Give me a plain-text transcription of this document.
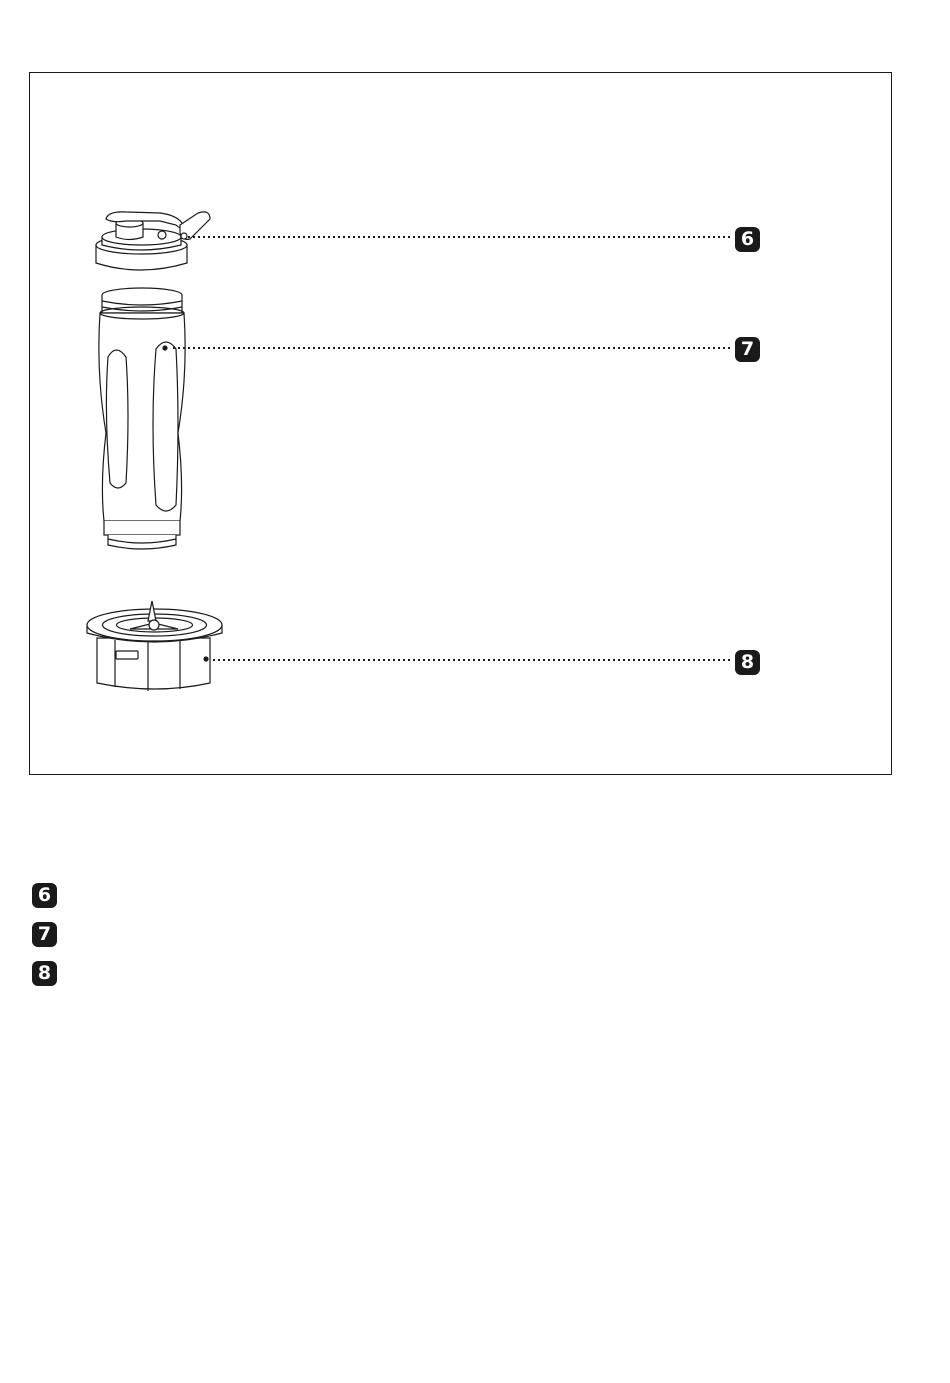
6
7
8
6
7
8
